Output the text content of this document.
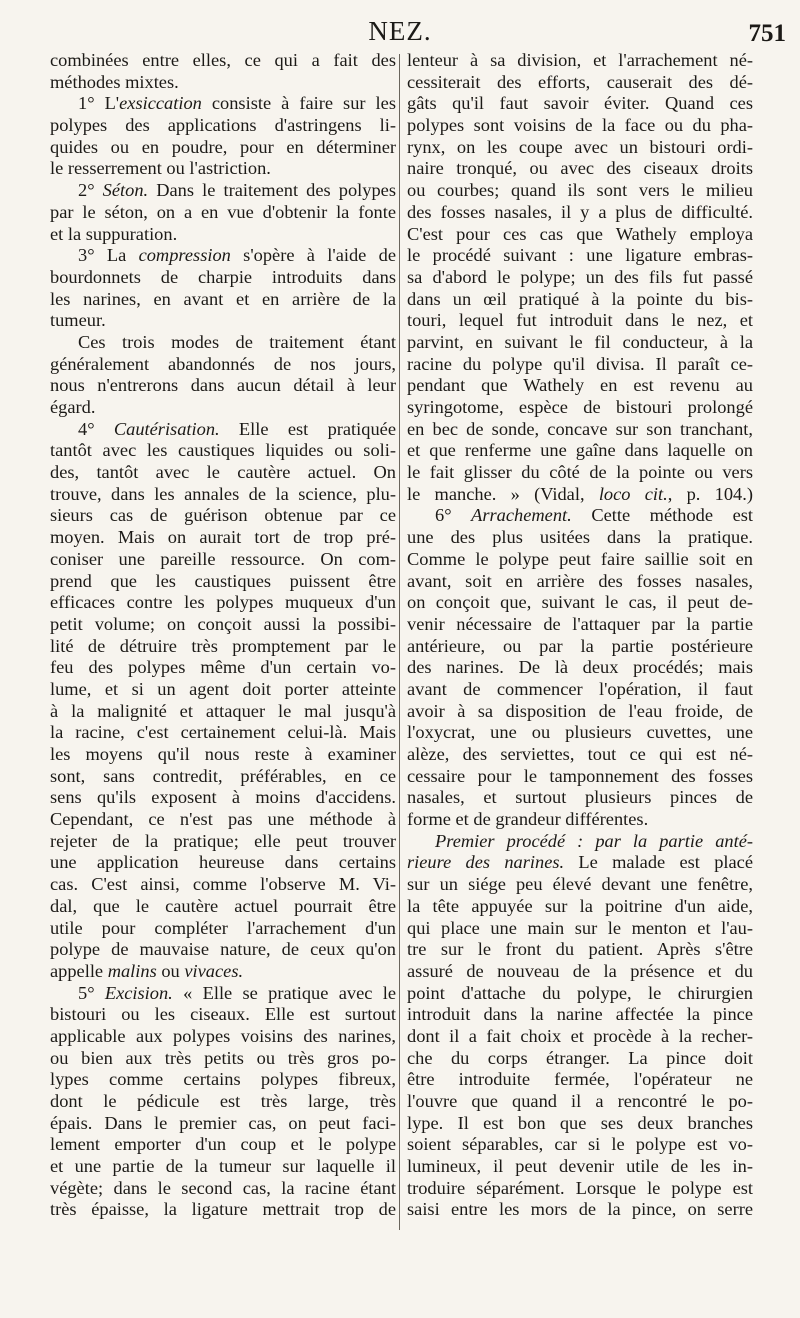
NEZ.	751
combinées entre elles, ce qui a fait des
méthodes mixtes.
1° L'exsiccation consiste à faire sur les
polypes des applications d'astringens li-
quides ou en poudre, pour en déterminer
le resserrement ou l'astriction.
2° Séton. Dans le traitement des polypes
par le séton, on a en vue d'obtenir la fonte
et la suppuration.
3° La compression s'opère à l'aide de
bourdonnets de charpie introduits dans
les narines, en avant et en arrière de la
tumeur.
Ces trois modes de traitement étant
généralement abandonnés de nos jours,
nous n'entrerons dans aucun détail à leur
égard.
4° Cautérisation. Elle est pratiquée
tantôt avec les caustiques liquides ou soli-
des, tantôt avec le cautère actuel. On
trouve, dans les annales de la science, plu-
sieurs cas de guérison obtenue par ce
moyen. Mais on aurait tort de trop pré-
coniser une pareille ressource. On com-
prend que les caustiques puissent être
efficaces contre les polypes muqueux d'un
petit volume; on conçoit aussi la possibi-
lité de détruire très promptement par le
feu des polypes même d'un certain vo-
lume, et si un agent doit porter atteinte
à la malignité et attaquer le mal jusqu'à
la racine, c'est certainement celui-là. Mais
les moyens qu'il nous reste à examiner
sont, sans contredit, préférables, en ce
sens qu'ils exposent à moins d'accidens.
Cependant, ce n'est pas une méthode à
rejeter de la pratique; elle peut trouver
une application heureuse dans certains
cas. C'est ainsi, comme l'observe M. Vi-
dal, que le cautère actuel pourrait être
utile pour compléter l'arrachement d'un
polype de mauvaise nature, de ceux qu'on
appelle malins ou vivaces.
5° Excision. « Elle se pratique avec le
bistouri ou les ciseaux. Elle est surtout
applicable aux polypes voisins des narines,
ou bien aux très petits ou très gros po-
lypes comme certains polypes fibreux,
dont le pédicule est très large, très
épais. Dans le premier cas, on peut faci-
lement emporter d'un coup et le polype
et une partie de la tumeur sur laquelle il
végète; dans le second cas, la racine étant
très épaisse, la ligature mettrait trop de
lenteur à sa division, et l'arrachement né-
cessiterait des efforts, causerait des dé-
gâts qu'il faut savoir éviter. Quand ces
polypes sont voisins de la face ou du pha-
rynx, on les coupe avec un bistouri ordi-
naire tronqué, ou avec des ciseaux droits
ou courbes; quand ils sont vers le milieu
des fosses nasales, il y a plus de difficulté.
C'est pour ces cas que Wathely employa
le procédé suivant : une ligature embras-
sa d'abord le polype; un des fils fut passé
dans un œil pratiqué à la pointe du bis-
touri, lequel fut introduit dans le nez, et
parvint, en suivant le fil conducteur, à la
racine du polype qu'il divisa. Il paraît ce-
pendant que Wathely en est revenu au
syringotome, espèce de bistouri prolongé
en bec de sonde, concave sur son tranchant,
et que renferme une gaîne dans laquelle on
le fait glisser du côté de la pointe ou vers
le manche. » (Vidal, loco cit., p. 104.)
6° Arrachement. Cette méthode est
une des plus usitées dans la pratique.
Comme le polype peut faire saillie soit en
avant, soit en arrière des fosses nasales,
on conçoit que, suivant le cas, il peut de-
venir nécessaire de l'attaquer par la partie
antérieure, ou par la partie postérieure
des narines. De là deux procédés; mais
avant de commencer l'opération, il faut
avoir à sa disposition de l'eau froide, de
l'oxycrat, une ou plusieurs cuvettes, une
alèze, des serviettes, tout ce qui est né-
cessaire pour le tamponnement des fosses
nasales, et surtout plusieurs pinces de
forme et de grandeur différentes.
Premier procédé : par la partie anté-
rieure des narines. Le malade est placé
sur un siége peu élevé devant une fenêtre,
la tête appuyée sur la poitrine d'un aide,
qui place une main sur le menton et l'au-
tre sur le front du patient. Après s'être
assuré de nouveau de la présence et du
point d'attache du polype, le chirurgien
introduit dans la narine affectée la pince
dont il a fait choix et procède à la recher-
che du corps étranger. La pince doit
être introduite fermée, l'opérateur ne
l'ouvre que quand il a rencontré le po-
lype. Il est bon que ses deux branches
soient séparables, car si le polype est vo-
lumineux, il peut devenir utile de les in-
troduire séparément. Lorsque le polype est
saisi entre les mors de la pince, on serre
